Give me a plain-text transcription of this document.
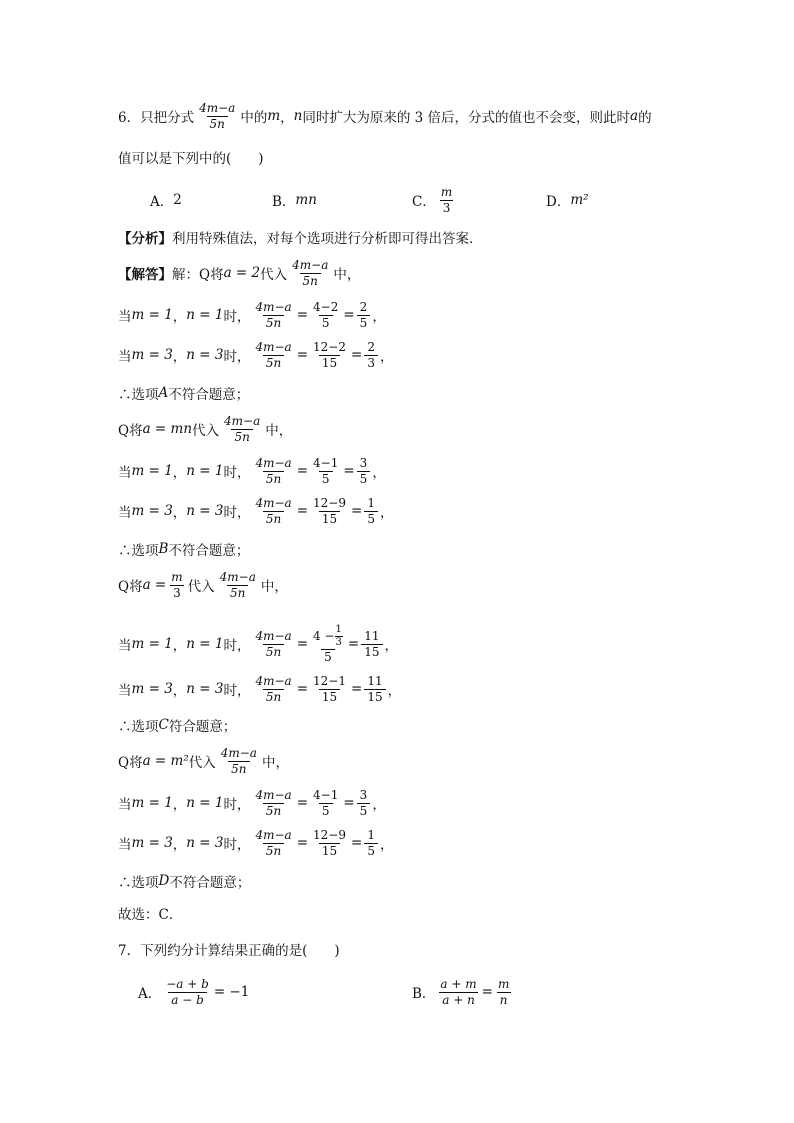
6．只把分式
4m−a
5n 中的 m ， n 同时扩大为原来的 3 倍后，分式的值也不会变，则此时 a 的
值可以是下列中的(　　)
A． 2	B． mn	C．
m
3	D． m²
【分析】 利用特殊值法，对每个选项进行分析即可得出答案．
【解答】 解： Q将 a = 2 代入
4m−a
5n 中，
当 m = 1 ， n = 1 时， $\frac{4m-a}{5n} = \frac{4-2}{5} = \frac{2}{5}$ ，
当 m = 3 ， n = 3 时， $\frac{4m-a}{5n} = \frac{12-2}{15} = \frac{2}{3}$ ，
∴选项 A 不符合题意；
Q将 a = mn 代入
4m−a
5n 中，
当 m = 1 ， n = 1 时， $\frac{4m-a}{5n} = \frac{4-1}{5} = \frac{3}{5}$ ，
当 m = 3 ， n = 3 时， $\frac{4m-a}{5n} = \frac{12-9}{15} = \frac{1}{5}$ ，
∴选项 B 不符合题意；
Q将 $a = \frac{m}{3}$ 代入
4m−a
5n 中，
当 m = 1 ， n = 1 时， $\frac{4m-a}{5n} = \frac{4 - \frac{1}{3}}{5} = \frac{11}{15}$ ，
当 m = 3 ， n = 3 时， $\frac{4m-a}{5n} = \frac{12-1}{15} = \frac{11}{15}$ ，
∴选项 C 符合题意；
Q将 a = m² 代入
4m−a
5n 中，
当 m = 1 ， n = 1 时， $\frac{4m-a}{5n} = \frac{4-1}{5} = \frac{3}{5}$ ，
当 m = 3 ， n = 3 时， $\frac{4m-a}{5n} = \frac{12-9}{15} = \frac{1}{5}$ ，
∴选项 D 不符合题意；
故选：C．
7．下列约分计算结果正确的是(　　)
A． $\frac{-a + b}{a - b} = -1$	B． $\frac{a + m}{a + n} = \frac{m}{n}$
